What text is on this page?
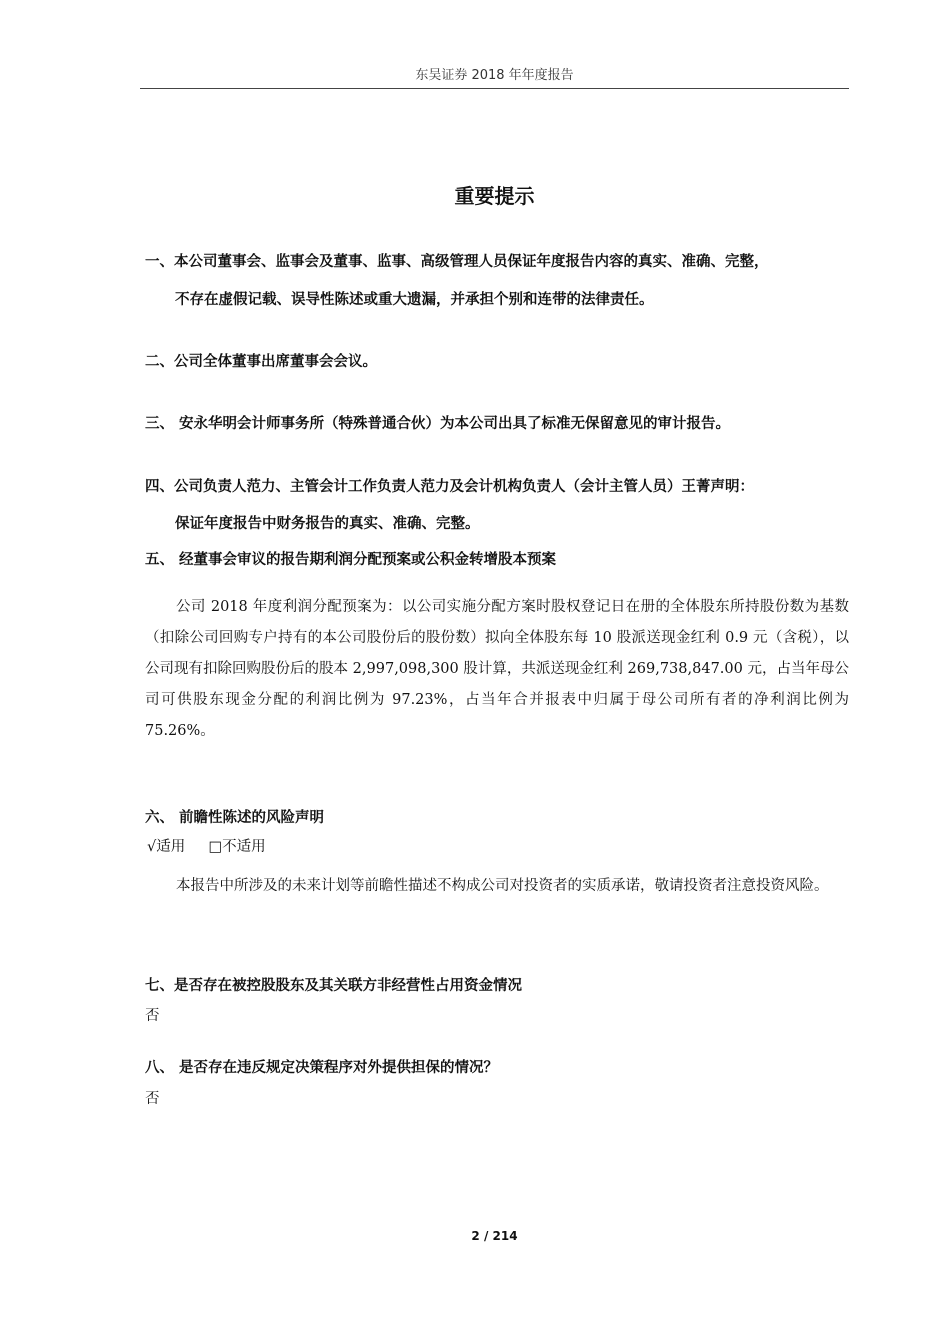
东吴证券 2018 年年度报告
重要提示
一、本公司董事会、监事会及董事、监事、高级管理人员保证年度报告内容的真实、准确、完整，
不存在虚假记载、误导性陈述或重大遗漏，并承担个别和连带的法律责任。
二、公司全体董事出席董事会会议。
三、 安永华明会计师事务所（特殊普通合伙）为本公司出具了标准无保留意见的审计报告。
四、公司负责人范力、主管会计工作负责人范力及会计机构负责人（会计主管人员）王菁声明：
保证年度报告中财务报告的真实、准确、完整。
五、 经董事会审议的报告期利润分配预案或公积金转增股本预案
公司 2018 年度利润分配预案为：以公司实施分配方案时股权登记日在册的全体股东所持股份数为基数（扣除公司回购专户持有的本公司股份后的股份数）拟向全体股东每 10 股派送现金红利 0.9 元（含税），以公司现有扣除回购股份后的股本 2,997,098,300 股计算，共派送现金红利 269,738,847.00 元，占当年母公司可供股东现金分配的利润比例为 97.23%，占当年合并报表中归属于母公司所有者的净利润比例为 75.26%。
六、 前瞻性陈述的风险声明
√适用 □不适用
本报告中所涉及的未来计划等前瞻性描述不构成公司对投资者的实质承诺，敬请投资者注意投资风险。
七、是否存在被控股股东及其关联方非经营性占用资金情况
否
八、 是否存在违反规定决策程序对外提供担保的情况？
否
2 / 214
